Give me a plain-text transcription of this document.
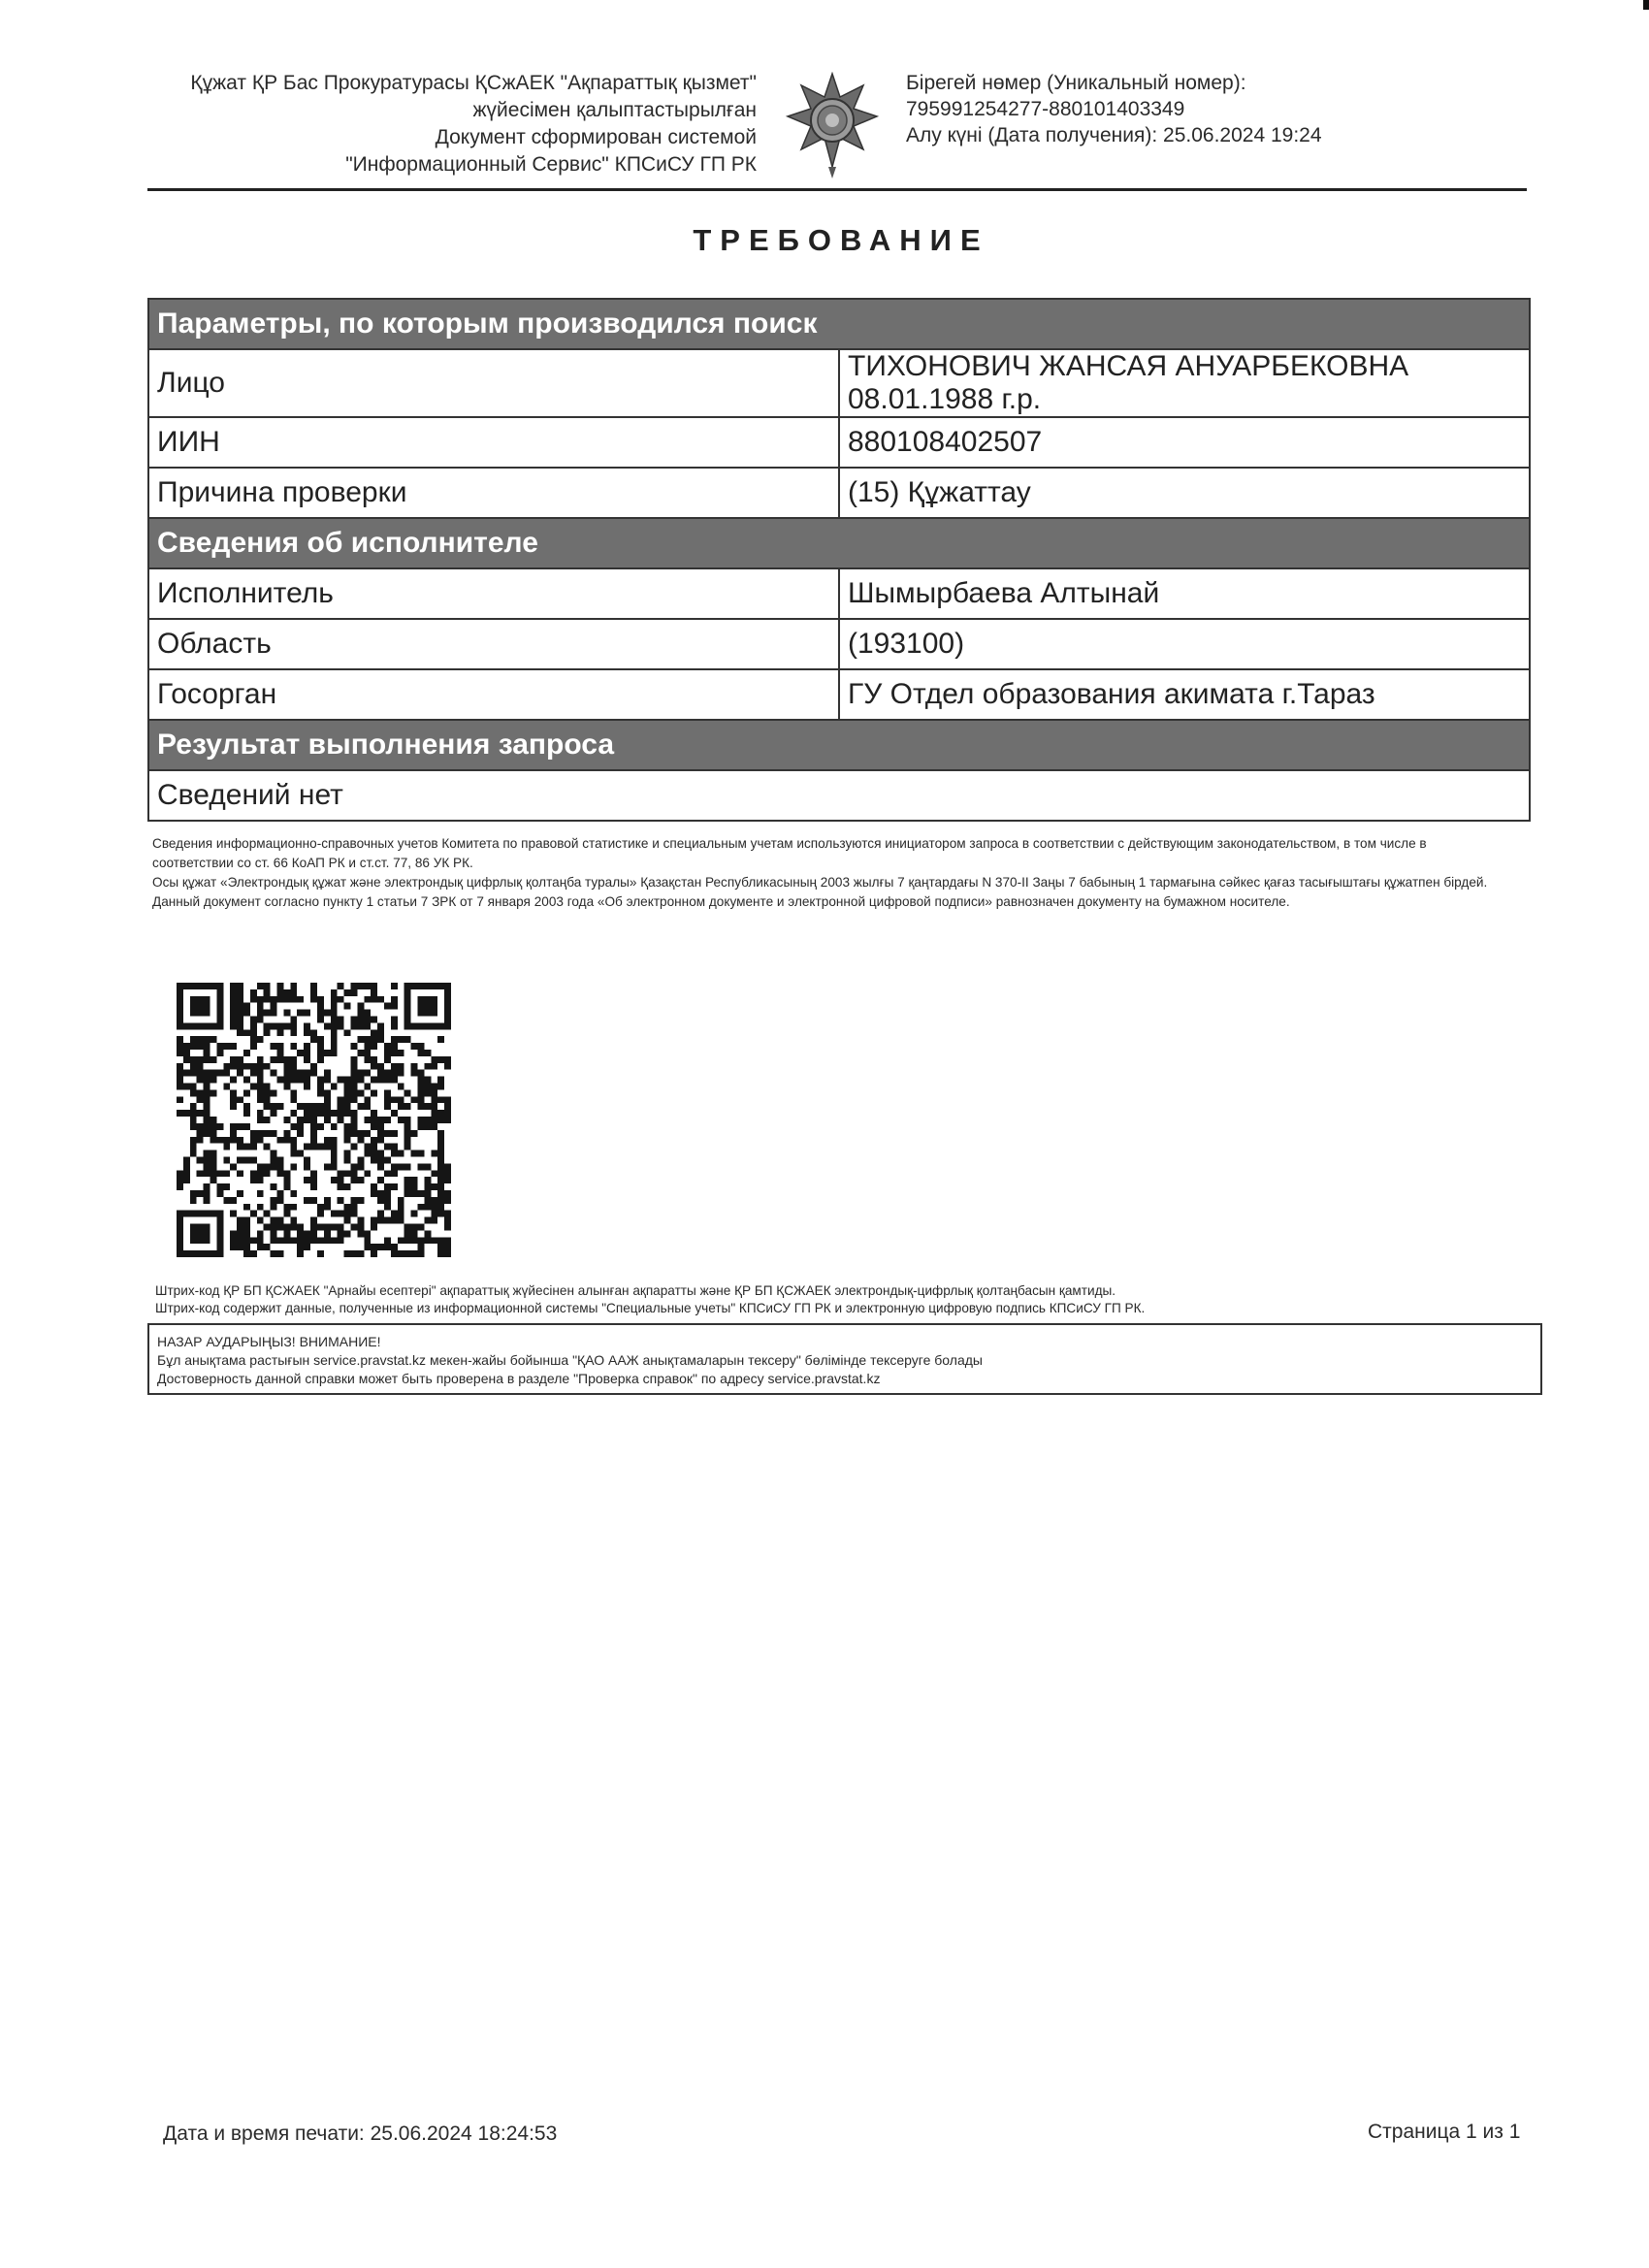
Құжат ҚР Бас Прокуратурасы ҚСжАЕК "Ақпараттық қызмет"
жүйесімен қалыптастырылған
Документ сформирован системой
"Информационный Сервис" КПСиСУ ГП РК
Бірегей нөмер (Уникальный номер):
795991254277-880101403349
Алу күні (Дата получения): 25.06.2024 19:24
ТРЕБОВАНИЕ
Параметры, по которым производился поиск	
Лицо	ТИХОНОВИЧ ЖАНСАЯ АНУАРБЕКОВНА 08.01.1988 г.р.
ИИН	880108402507
Причина проверки	(15) Құжаттау
Сведения об исполнителе	
Исполнитель	Шымырбаева Алтынай
Область	(193100)
Госорган	ГУ Отдел образования акимата г.Тараз
Результат выполнения запроса	
Сведений нет	

Сведения информационно-справочных учетов Комитета по правовой статистике и специальным учетам используются инициатором запроса в соответствии с действующим законодательством, в том числе в соответствии со ст. 66 КоАП РК и ст.ст. 77, 86 УК РК.

Осы құжат «Электрондық құжат және электрондық цифрлық қолтаңба туралы» Қазақстан Республикасының 2003 жылғы 7 қаңтардағы N 370-II Заңы 7 бабының 1 тармағына сәйкес қағаз тасығыштағы құжатпен бірдей.

Данный документ согласно пункту 1 статьи 7 ЗРК от 7 января 2003 года «Об электронном документе и электронной цифровой подписи» равнозначен документу на бумажном носителе.

Штрих-код ҚР БП ҚСЖАЕК "Арнайы есептері" ақпараттық жүйесінен алынған ақпаратты және ҚР БП ҚСЖАЕК электрондық-цифрлық қолтаңбасын қамтиды.
Штрих-код содержит данные, полученные из информационной системы "Специальные учеты" КПСиСУ ГП РК и электронную цифровую подпись КПСиСУ ГП РК.
НАЗАР АУДАРЫҢЫЗ! ВНИМАНИЕ!
Бұл анықтама растығын service.pravstat.kz мекен-жайы бойынша "ҚАО ААЖ анықтамаларын тексеру" бөлімінде тексеруге болады
Достоверность данной справки может быть проверена в разделе "Проверка справок" по адресу service.pravstat.kz
Дата и время печати: 25.06.2024 18:24:53	Страница 1 из 1
